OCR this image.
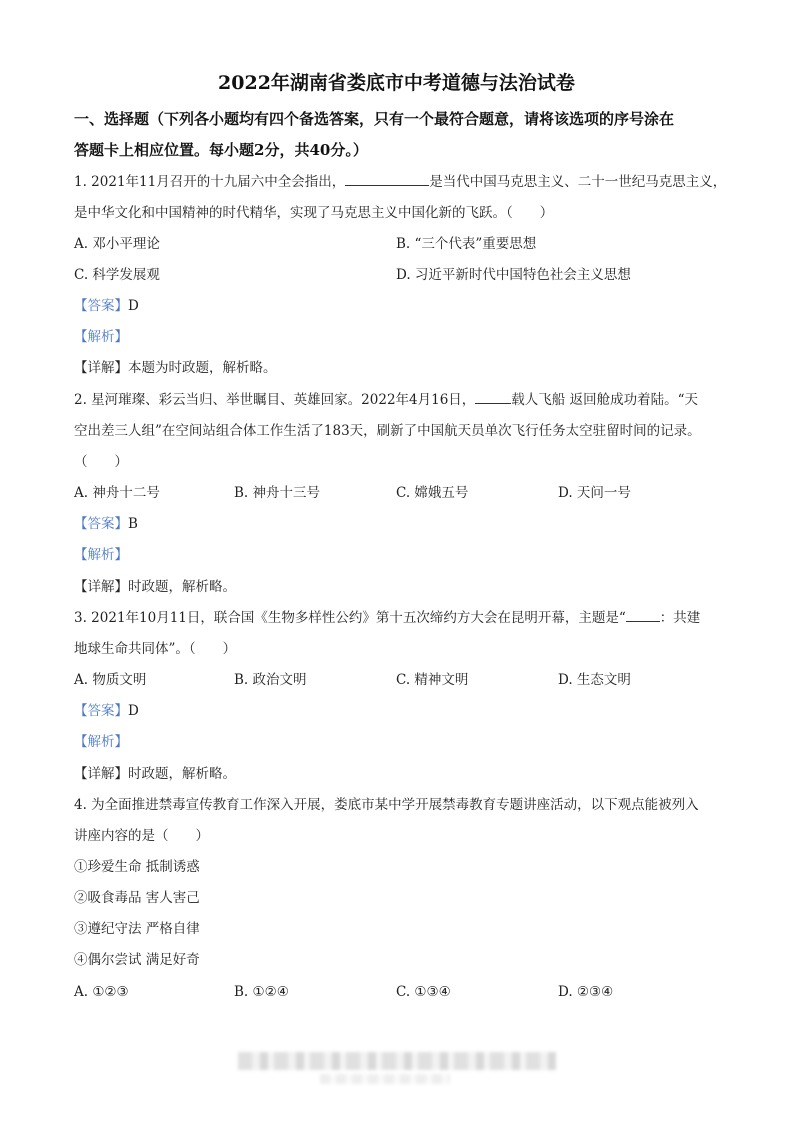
2022年湖南省娄底市中考道德与法治试卷
一、选择题（下列各小题均有四个备选答案，只有一个最符合题意，请将该选项的序号涂在
答题卡上相应位置。每小题2分，共40分。）
1. 2021年11月召开的十九届六中全会指出，	是当代中国马克思主义、二十一世纪马克思主义，
是中华文化和中国精神的时代精华，实现了马克思主义中国化新的飞跃。（　　）
A. 邓小平理论	B. “三个代表”重要思想
C. 科学发展观	D. 习近平新时代中国特色社会主义思想
【答案】D
【解析】
【详解】本题为时政题，解析略。
2. 星河璀璨、彩云当归、举世瞩目、英雄回家。2022年4月16日，	载人飞船 返回舱成功着陆。“天
空出差三人组”在空间站组合体工作生活了183天，刷新了中国航天员单次飞行任务太空驻留时间的记录。
（　　）
A. 神舟十二号	B. 神舟十三号	C. 嫦娥五号	D. 天问一号
【答案】B
【解析】
【详解】时政题，解析略。
3. 2021年10月11日，联合国《生物多样性公约》第十五次缔约方大会在昆明开幕，主题是“	：共建
地球生命共同体”。（　　）
A. 物质文明	B. 政治文明	C. 精神文明	D. 生态文明
【答案】D
【解析】
【详解】时政题，解析略。
4. 为全面推进禁毒宣传教育工作深入开展，娄底市某中学开展禁毒教育专题讲座活动，以下观点能被列入
讲座内容的是（　　）
①珍爱生命 抵制诱惑
②吸食毒品 害人害己
③遵纪守法 严格自律
④偶尔尝试 满足好奇
A. ①②③	B. ①②④	C. ①③④	D. ②③④
